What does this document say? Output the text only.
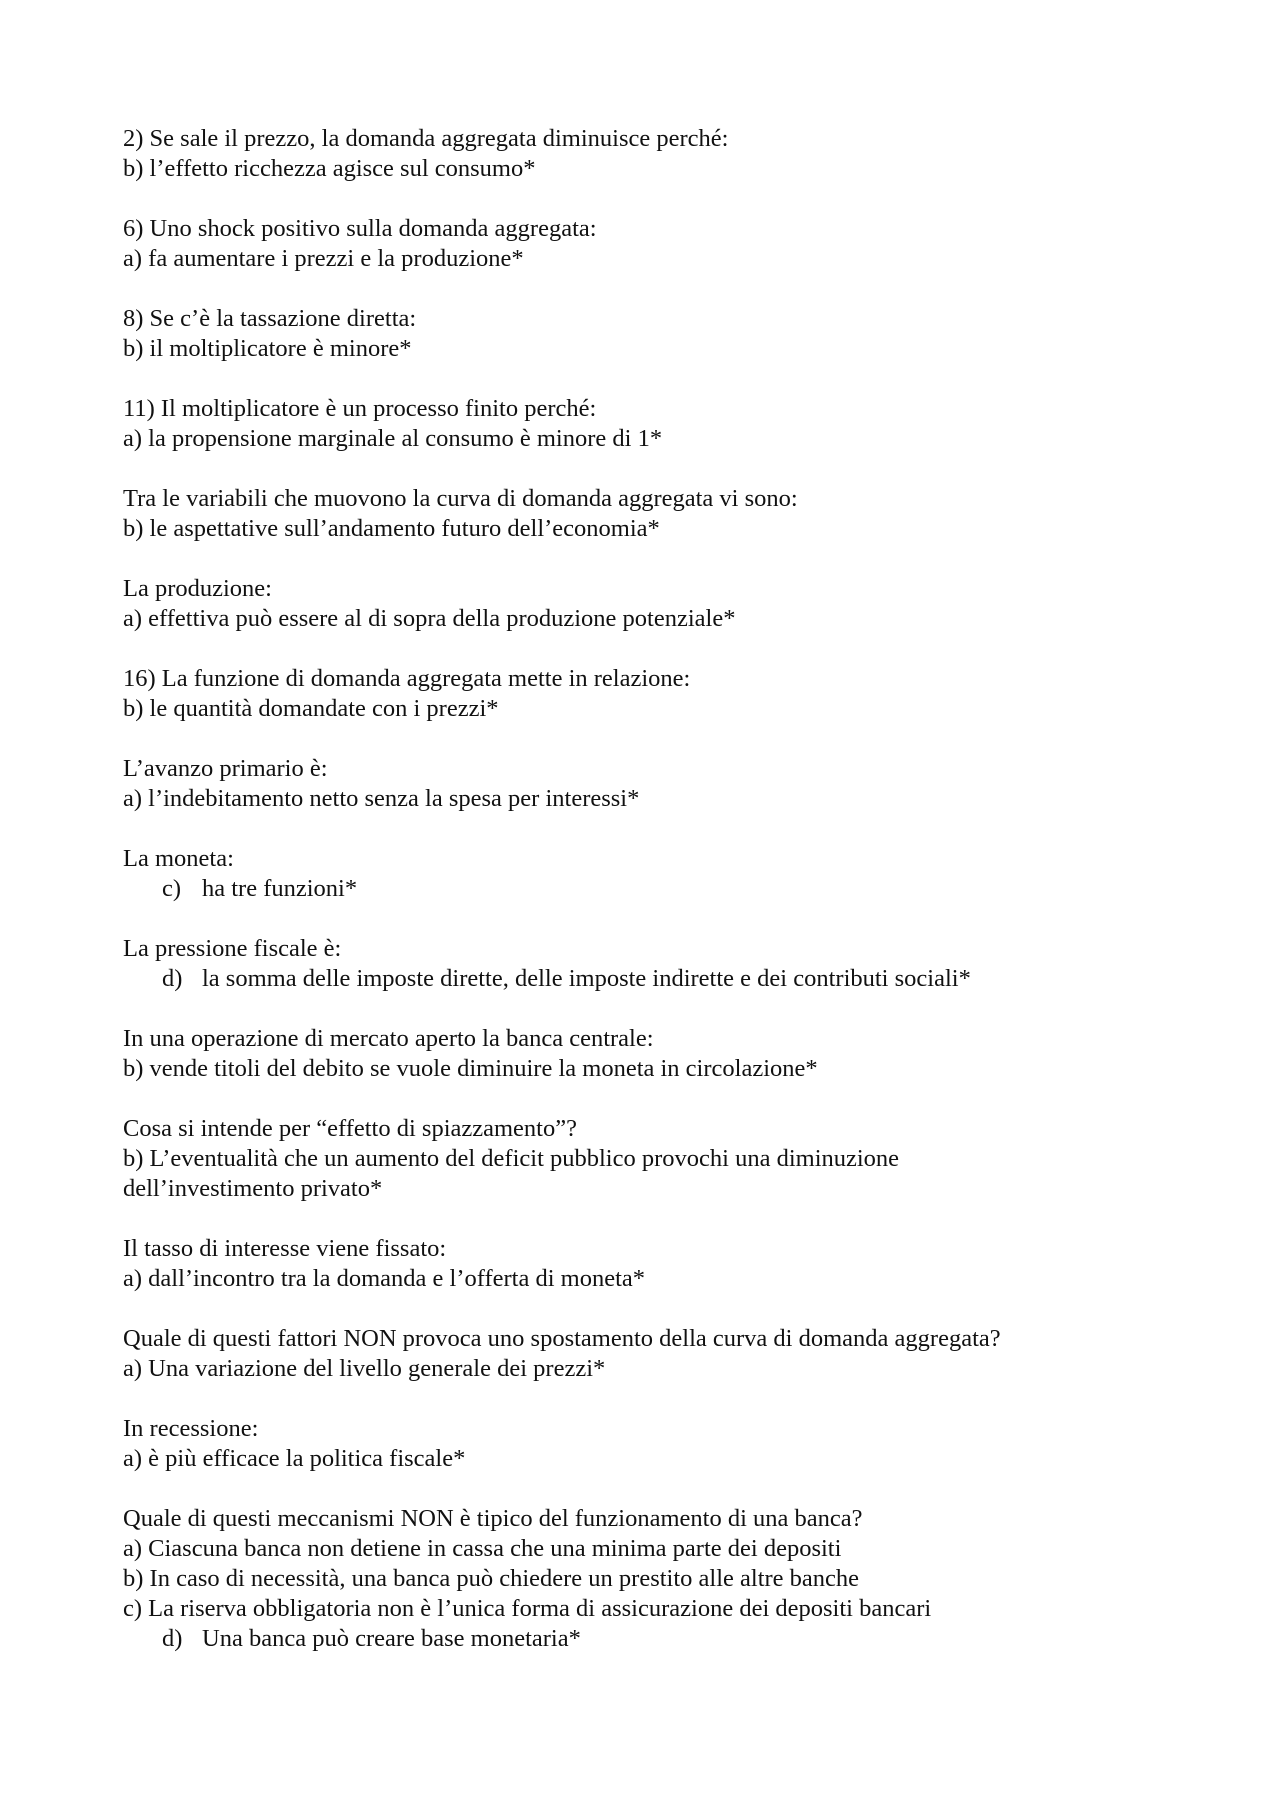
2) Se sale il prezzo, la domanda aggregata diminuisce perché:
b) l’effetto ricchezza agisce sul consumo*
6) Uno shock positivo sulla domanda aggregata:
a) fa aumentare i prezzi e la produzione*
8) Se c’è la tassazione diretta:
b) il moltiplicatore è minore*
11) Il moltiplicatore è un processo finito perché:
a) la propensione marginale al consumo è minore di 1*
Tra le variabili che muovono la curva di domanda aggregata vi sono:
b) le aspettative sull’andamento futuro dell’economia*
La produzione:
a) effettiva può essere al di sopra della produzione potenziale*
16) La funzione di domanda aggregata mette in relazione:
b) le quantità domandate con i prezzi*
L’avanzo primario è:
a) l’indebitamento netto senza la spesa per interessi*
La moneta:
c) ha tre funzioni*
La pressione fiscale è:
d) la somma delle imposte dirette, delle imposte indirette e dei contributi sociali*
In una operazione di mercato aperto la banca centrale:
b) vende titoli del debito se vuole diminuire la moneta in circolazione*
Cosa si intende per “effetto di spiazzamento”?
b) L’eventualità che un aumento del deficit pubblico provochi una diminuzione dell’investimento privato*
Il tasso di interesse viene fissato:
a) dall’incontro tra la domanda e l’offerta di moneta*
Quale di questi fattori NON provoca uno spostamento della curva di domanda aggregata?
a) Una variazione del livello generale dei prezzi*
In recessione:
a) è più efficace la politica fiscale*
Quale di questi meccanismi NON è tipico del funzionamento di una banca?
a) Ciascuna banca non detiene in cassa che una minima parte dei depositi
b) In caso di necessità, una banca può chiedere un prestito alle altre banche
c) La riserva obbligatoria non è l’unica forma di assicurazione dei depositi bancari
d) Una banca può creare base monetaria*
